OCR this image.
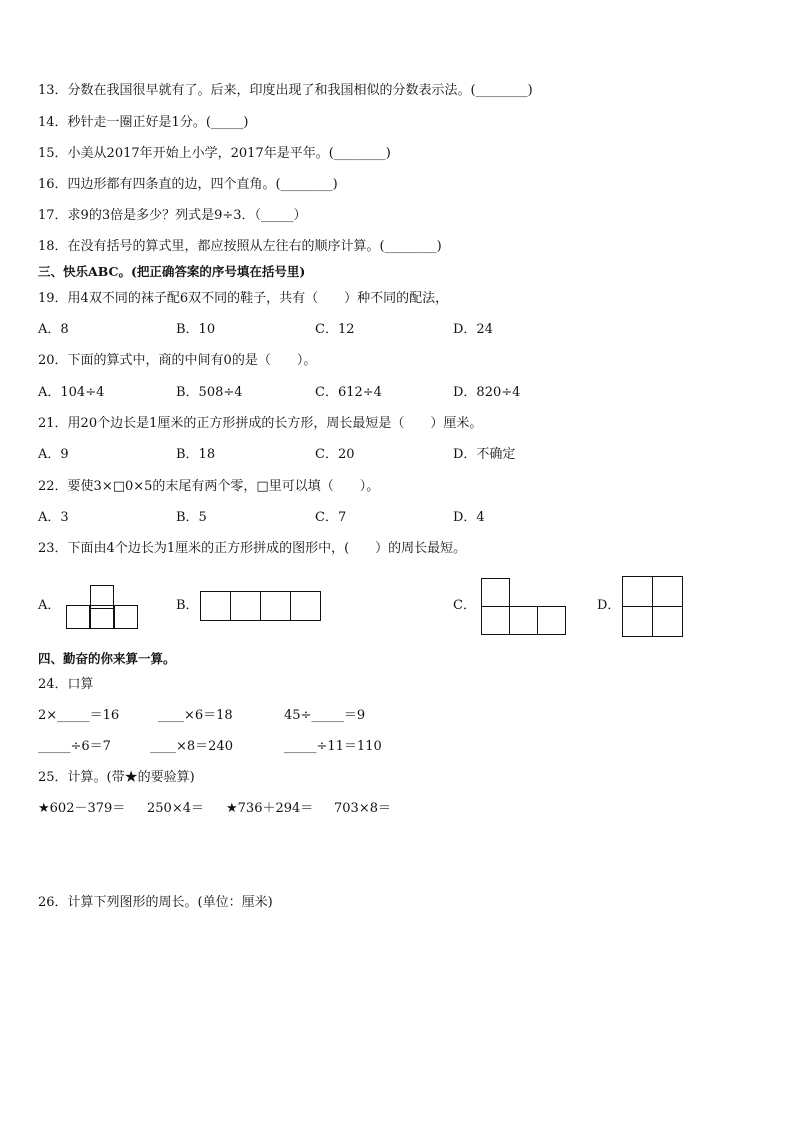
13．分数在我国很早就有了。后来，印度出现了和我国相似的分数表示法。(________)
14．秒针走一圈正好是1分。(_____)
15．小美从2017年开始上小学，2017年是平年。(________)
16．四边形都有四条直的边，四个直角。(________)
17．求9的3倍是多少？列式是9÷3．（_____）
18．在没有括号的算式里，都应按照从左往右的顺序计算。(________)
三、快乐ABC。(把正确答案的序号填在括号里)
19．用4双不同的袜子配6双不同的鞋子，共有（　　）种不同的配法，
A．8	B．10	C．12	D．24
20．下面的算式中，商的中间有0的是（　　）。
A．104÷4	B．508÷4	C．612÷4	D．820÷4
21．用20个边长是1厘米的正方形拼成的长方形，周长最短是（　　）厘米。
A．9	B．18	C．20	D．不确定
22．要使3×□0×5的末尾有两个零，□里可以填（　　）。
A．3	B．5	C．7	D．4
23．下面由4个边长为1厘米的正方形拼成的图形中，(　　）的周长最短。
A．	B．	C．	D．
四、勤奋的你来算一算。
24．口算
2×_____＝16	____×6＝18	45÷_____＝9
_____÷6＝7	____×8＝240	_____÷11＝110
25．计算。(带★的要验算)
★602－379＝ 250×4＝ ★736＋294＝ 703×8＝
26．计算下列图形的周长。(单位：厘米)
